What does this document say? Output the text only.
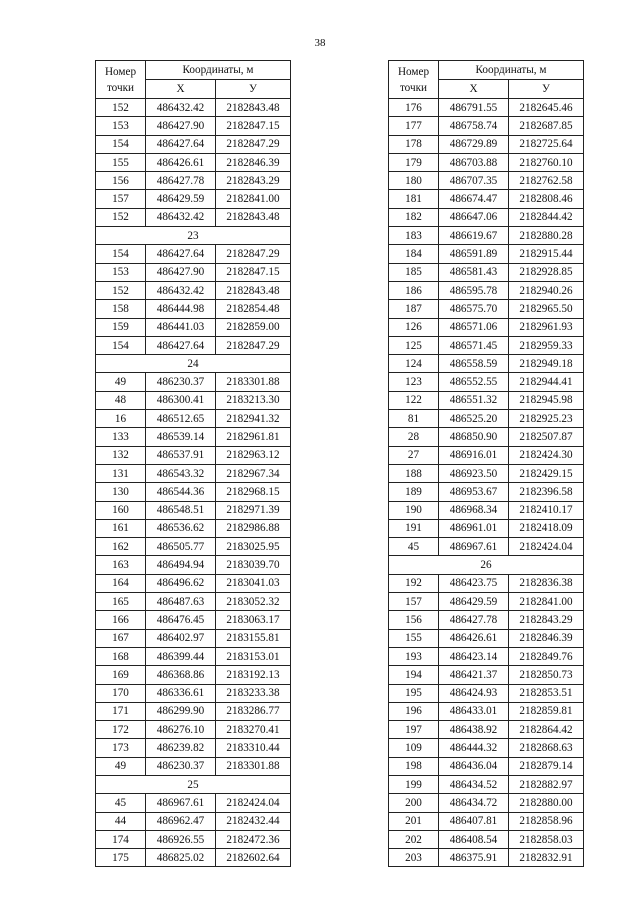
38
Номер
точки	Координаты, м	
	X	У
152	486432.42	2182843.48
153	486427.90	2182847.15
154	486427.64	2182847.29
155	486426.61	2182846.39
156	486427.78	2182843.29
157	486429.59	2182841.00
152	486432.42	2182843.48
23		
154	486427.64	2182847.29
153	486427.90	2182847.15
152	486432.42	2182843.48
158	486444.98	2182854.48
159	486441.03	2182859.00
154	486427.64	2182847.29
24		
49	486230.37	2183301.88
48	486300.41	2183213.30
16	486512.65	2182941.32
133	486539.14	2182961.81
132	486537.91	2182963.12
131	486543.32	2182967.34
130	486544.36	2182968.15
160	486548.51	2182971.39
161	486536.62	2182986.88
162	486505.77	2183025.95
163	486494.94	2183039.70
164	486496.62	2183041.03
165	486487.63	2183052.32
166	486476.45	2183063.17
167	486402.97	2183155.81
168	486399.44	2183153.01
169	486368.86	2183192.13
170	486336.61	2183233.38
171	486299.90	2183286.77
172	486276.10	2183270.41
173	486239.82	2183310.44
49	486230.37	2183301.88
25		
45	486967.61	2182424.04
44	486962.47	2182432.44
174	486926.55	2182472.36
175	486825.02	2182602.64
Номер
точки	Координаты, м	
	X	У
176	486791.55	2182645.46
177	486758.74	2182687.85
178	486729.89	2182725.64
179	486703.88	2182760.10
180	486707.35	2182762.58
181	486674.47	2182808.46
182	486647.06	2182844.42
183	486619.67	2182880.28
184	486591.89	2182915.44
185	486581.43	2182928.85
186	486595.78	2182940.26
187	486575.70	2182965.50
126	486571.06	2182961.93
125	486571.45	2182959.33
124	486558.59	2182949.18
123	486552.55	2182944.41
122	486551.32	2182945.98
81	486525.20	2182925.23
28	486850.90	2182507.87
27	486916.01	2182424.30
188	486923.50	2182429.15
189	486953.67	2182396.58
190	486968.34	2182410.17
191	486961.01	2182418.09
45	486967.61	2182424.04
26		
192	486423.75	2182836.38
157	486429.59	2182841.00
156	486427.78	2182843.29
155	486426.61	2182846.39
193	486423.14	2182849.76
194	486421.37	2182850.73
195	486424.93	2182853.51
196	486433.01	2182859.81
197	486438.92	2182864.42
109	486444.32	2182868.63
198	486436.04	2182879.14
199	486434.52	2182882.97
200	486434.72	2182880.00
201	486407.81	2182858.96
202	486408.54	2182858.03
203	486375.91	2182832.91
